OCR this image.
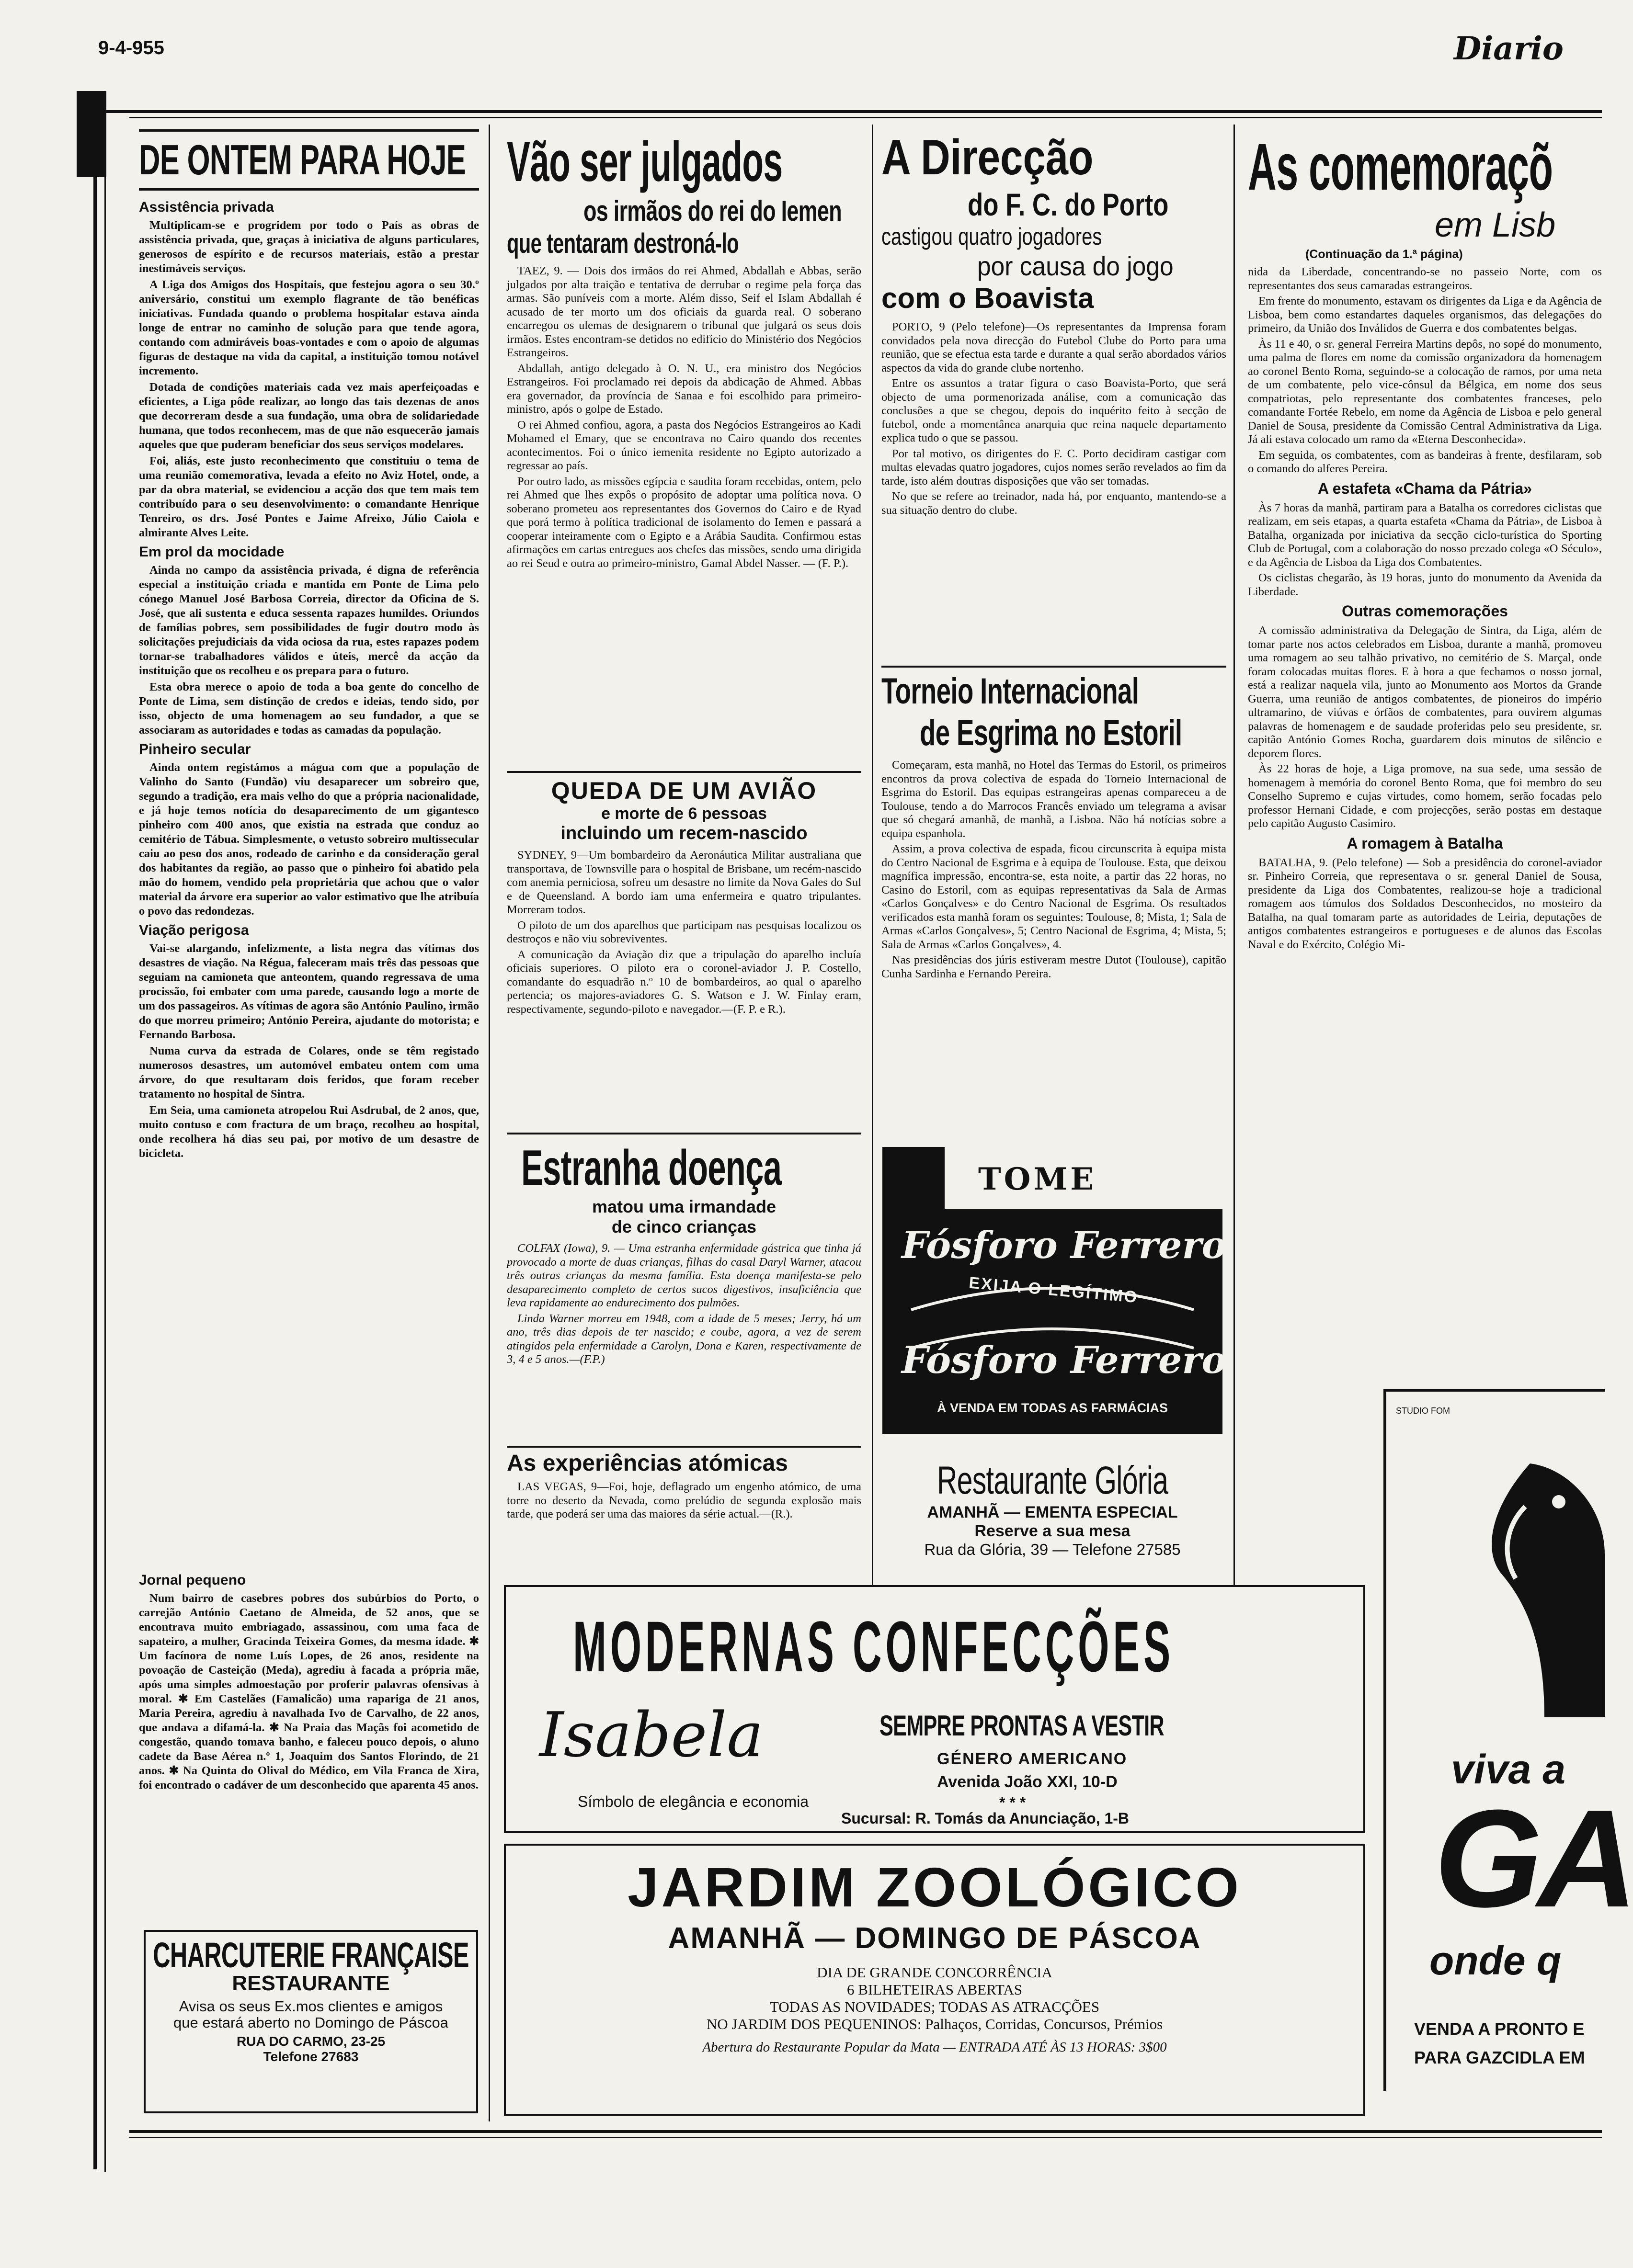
9-4-955	Diario
DE ONTEM PARA HOJE
Assistência privada

Multiplicam-se e progridem por todo o País as obras de assistência privada, que, graças à iniciativa de alguns particulares, generosos de espírito e de recursos materiais, estão a prestar inestimáveis serviços.

A Liga dos Amigos dos Hospitais, que festejou agora o seu 30.º aniversário, constitui um exemplo flagrante de tão benéficas iniciativas. Fundada quando o problema hospitalar estava ainda longe de entrar no caminho de solução para que tende agora, contando com admiráveis boas-vontades e com o apoio de algumas figuras de destaque na vida da capital, a instituição tomou notável incremento.

Dotada de condições materiais cada vez mais aperfeiçoadas e eficientes, a Liga pôde realizar, ao longo das tais dezenas de anos que decorreram desde a sua fundação, uma obra de solidariedade humana, que todos reconhecem, mas de que não esquecerão jamais aqueles que que puderam beneficiar dos seus serviços modelares.

Foi, aliás, este justo reconhecimento que constituiu o tema de uma reunião comemorativa, levada a efeito no Aviz Hotel, onde, a par da obra material, se evidenciou a acção dos que tem mais tem contribuído para o seu desenvolvimento: o comandante Henrique Tenreiro, os drs. José Pontes e Jaime Afreixo, Júlio Caiola e almirante Alves Leite.

Em prol da mocidade

Ainda no campo da assistência privada, é digna de referência especial a instituição criada e mantida em Ponte de Lima pelo cónego Manuel José Barbosa Correia, director da Oficina de S. José, que ali sustenta e educa sessenta rapazes humildes. Oriundos de famílias pobres, sem possibilidades de fugir doutro modo às solicitações prejudiciais da vida ociosa da rua, estes rapazes podem tornar-se trabalhadores válidos e úteis, mercê da acção da instituição que os recolheu e os prepara para o futuro.

Esta obra merece o apoio de toda a boa gente do concelho de Ponte de Lima, sem distinção de credos e ideias, tendo sido, por isso, objecto de uma homenagem ao seu fundador, a que se associaram as autoridades e todas as camadas da população.

Pinheiro secular

Ainda ontem registámos a mágua com que a população de Valinho do Santo (Fundão) viu desaparecer um sobreiro que, segundo a tradição, era mais velho do que a própria nacionalidade, e já hoje temos notícia do desaparecimento de um gigantesco pinheiro com 400 anos, que existia na estrada que conduz ao cemitério de Tábua. Simplesmente, o vetusto sobreiro multissecular caiu ao peso dos anos, rodeado de carinho e da consideração geral dos habitantes da região, ao passo que o pinheiro foi abatido pela mão do homem, vendido pela proprietária que achou que o valor material da árvore era superior ao valor estimativo que lhe atribuía o povo das redondezas.

Viação perigosa

Vai-se alargando, infelizmente, a lista negra das vítimas dos desastres de viação. Na Régua, faleceram mais três das pessoas que seguiam na camioneta que anteontem, quando regressava de uma procissão, foi embater com uma parede, causando logo a morte de um dos passageiros. As vítimas de agora são António Paulino, irmão do que morreu primeiro; António Pereira, ajudante do motorista; e Fernando Barbosa.

Numa curva da estrada de Colares, onde se têm registado numerosos desastres, um automóvel embateu ontem com uma árvore, do que resultaram dois feridos, que foram receber tratamento no hospital de Sintra.

Em Seia, uma camioneta atropelou Rui Asdrubal, de 2 anos, que, muito contuso e com fractura de um braço, recolheu ao hospital, onde recolhera há dias seu pai, por motivo de um desastre de bicicleta.

Jornal pequeno

Num bairro de casebres pobres dos subúrbios do Porto, o carrejão António Caetano de Almeida, de 52 anos, que se encontrava muito embriagado, assassinou, com uma faca de sapateiro, a mulher, Gracinda Teixeira Gomes, da mesma idade. ✱ Um facínora de nome Luís Lopes, de 26 anos, residente na povoação de Casteição (Meda), agrediu à facada a própria mãe, após uma simples admoestação por proferir palavras ofensivas à moral. ✱ Em Castelães (Famalicão) uma rapariga de 21 anos, Maria Pereira, agrediu à navalhada Ivo de Carvalho, de 22 anos, que andava a difamá-la. ✱ Na Praia das Maçãs foi acometido de congestão, quando tomava banho, e faleceu pouco depois, o aluno cadete da Base Aérea n.º 1, Joaquim dos Santos Florindo, de 21 anos. ✱ Na Quinta do Olival do Médico, em Vila Franca de Xira, foi encontrado o cadáver de um desconhecido que aparenta 45 anos.

CHARCUTERIE FRANÇAISE
RESTAURANTE
Avisa os seus Ex.mos clientes e amigos que estará aberto no Domingo de Páscoa
RUA DO CARMO, 23-25
Telefone 27683
Vão ser julgados
os irmãos do rei do Iemen
que tentaram destroná-lo

TAEZ, 9. — Dois dos irmãos do rei Ahmed, Abdallah e Abbas, serão julgados por alta traição e tentativa de derrubar o regime pela força das armas. São puníveis com a morte. Além disso, Seif el Islam Abdallah é acusado de ter morto um dos oficiais da guarda real. O soberano encarregou os ulemas de designarem o tribunal que julgará os seus dois irmãos. Estes encontram-se detidos no edifício do Ministério dos Negócios Estrangeiros.

Abdallah, antigo delegado à O. N. U., era ministro dos Negócios Estrangeiros. Foi proclamado rei depois da abdicação de Ahmed. Abbas era governador, da província de Sanaa e foi escolhido para primeiro-ministro, após o golpe de Estado.

O rei Ahmed confiou, agora, a pasta dos Negócios Estrangeiros ao Kadi Mohamed el Emary, que se encontrava no Cairo quando dos recentes acontecimentos. Foi o único iemenita residente no Egipto autorizado a regressar ao país.

Por outro lado, as missões egípcia e saudita foram recebidas, ontem, pelo rei Ahmed que lhes expôs o propósito de adoptar uma política nova. O soberano prometeu aos representantes dos Governos do Cairo e de Ryad que porá termo à política tradicional de isolamento do Iemen e passará a cooperar inteiramente com o Egipto e a Arábia Saudita. Confirmou estas afirmações em cartas entregues aos chefes das missões, sendo uma dirigida ao rei Seud e outra ao primeiro-ministro, Gamal Abdel Nasser. — (F. P.).

QUEDA DE UM AVIÃO
e morte de 6 pessoas
incluindo um recem-nascido

SYDNEY, 9—Um bombardeiro da Aeronáutica Militar australiana que transportava, de Townsville para o hospital de Brisbane, um recém-nascido com anemia perniciosa, sofreu um desastre no limite da Nova Gales do Sul e de Queensland. A bordo iam uma enfermeira e quatro tripulantes. Morreram todos.

O piloto de um dos aparelhos que participam nas pesquisas localizou os destroços e não viu sobreviventes.

A comunicação da Aviação diz que a tripulação do aparelho incluía oficiais superiores. O piloto era o coronel-aviador J. P. Costello, comandante do esquadrão n.º 10 de bombardeiros, ao qual o aparelho pertencia; os majores-aviadores G. S. Watson e J. W. Finlay eram, respectivamente, segundo-piloto e navegador.—(F. P. e R.).

Estranha doença
matou uma irmandade
de cinco crianças

COLFAX (Iowa), 9. — Uma estranha enfermidade gástrica que tinha já provocado a morte de duas crianças, filhas do casal Daryl Warner, atacou três outras crianças da mesma família. Esta doença manifesta-se pelo desaparecimento completo de certos sucos digestivos, insuficiência que leva rapidamente ao endurecimento dos pulmões.

Linda Warner morreu em 1948, com a idade de 5 meses; Jerry, há um ano, três dias depois de ter nascido; e coube, agora, a vez de serem atingidos pela enfermidade a Carolyn, Dona e Karen, respectivamente de 3, 4 e 5 anos.—(F.P.)

As experiências atómicas

LAS VEGAS, 9—Foi, hoje, deflagrado um engenho atómico, de uma torre no deserto da Nevada, como prelúdio de segunda explosão mais tarde, que poderá ser uma das maiores da série actual.—(R.).

A Direcção
do F. C. do Porto
castigou quatro jogadores
por causa do jogo
com o Boavista

PORTO, 9 (Pelo telefone)—Os representantes da Imprensa foram convidados pela nova direcção do Futebol Clube do Porto para uma reunião, que se efectua esta tarde e durante a qual serão abordados vários aspectos da vida do grande clube nortenho.

Entre os assuntos a tratar figura o caso Boavista-Porto, que será objecto de uma pormenorizada análise, com a comunicação das conclusões a que se chegou, depois do inquérito feito à secção de futebol, onde a momentânea anarquia que reina naquele departamento explica tudo o que se passou.

Por tal motivo, os dirigentes do F. C. Porto decidiram castigar com multas elevadas quatro jogadores, cujos nomes serão revelados ao fim da tarde, isto além doutras disposições que vão ser tomadas.

No que se refere ao treinador, nada há, por enquanto, mantendo-se a sua situação dentro do clube.

Torneio Internacional
de Esgrima no Estoril

Começaram, esta manhã, no Hotel das Termas do Estoril, os primeiros encontros da prova colectiva de espada do Torneio Internacional de Esgrima do Estoril. Das equipas estrangeiras apenas compareceu a de Toulouse, tendo a do Marrocos Francês enviado um telegrama a avisar que só chegará amanhã, de manhã, a Lisboa. Não há notícias sobre a equipa espanhola.

Assim, a prova colectiva de espada, ficou circunscrita à equipa mista do Centro Nacional de Esgrima e à equipa de Toulouse. Esta, que deixou magnífica impressão, encontra-se, esta noite, a partir das 22 horas, no Casino do Estoril, com as equipas representativas da Sala de Armas «Carlos Gonçalves» e do Centro Nacional de Esgrima. Os resultados verificados esta manhã foram os seguintes: Toulouse, 8; Mista, 1; Sala de Armas «Carlos Gonçalves», 5; Centro Nacional de Esgrima, 4; Mista, 5; Sala de Armas «Carlos Gonçalves», 4.

Nas presidências dos júris estiveram mestre Dutot (Toulouse), capitão Cunha Sardinha e Fernando Pereira.

TOME
Fósforo Ferrero
EXIJA O LEGÍTIMO
Fósforo Ferrero
À VENDA EM TODAS AS FARMÁCIAS
Restaurante Glória
AMANHÃ — EMENTA ESPECIAL
Reserve a sua mesa
Rua da Glória, 39 — Telefone 27585
As comemoraçõ
em Lisb
(Continuação da 1.ª página)

nida da Liberdade, concentrando-se no passeio Norte, com os representantes dos seus camaradas estrangeiros.

Em frente do monumento, estavam os dirigentes da Liga e da Agência de Lisboa, bem como estandartes daqueles organismos, das delegações do primeiro, da União dos Inválidos de Guerra e dos combatentes belgas.

Às 11 e 40, o sr. general Ferreira Martins depôs, no sopé do monumento, uma palma de flores em nome da comissão organizadora da homenagem ao coronel Bento Roma, seguindo-se a colocação de ramos, por uma neta de um combatente, pelo vice-cônsul da Bélgica, em nome dos seus compatriotas, pelo representante dos combatentes franceses, pelo comandante Fortée Rebelo, em nome da Agência de Lisboa e pelo general Daniel de Sousa, presidente da Comissão Central Administrativa da Liga. Já ali estava colocado um ramo da «Eterna Desconhecida».

Em seguida, os combatentes, com as bandeiras à frente, desfilaram, sob o comando do alferes Pereira.

A estafeta «Chama da Pátria»

Às 7 horas da manhã, partiram para a Batalha os corredores ciclistas que realizam, em seis etapas, a quarta estafeta «Chama da Pátria», de Lisboa à Batalha, organizada por iniciativa da secção ciclo-turística do Sporting Club de Portugal, com a colaboração do nosso prezado colega «O Século», e da Agência de Lisboa da Liga dos Combatentes.

Os ciclistas chegarão, às 19 horas, junto do monumento da Avenida da Liberdade.

Outras comemorações

A comissão administrativa da Delegação de Sintra, da Liga, além de tomar parte nos actos celebrados em Lisboa, durante a manhã, promoveu uma romagem ao seu talhão privativo, no cemitério de S. Marçal, onde foram colocadas muitas flores. E à hora a que fechamos o nosso jornal, está a realizar naquela vila, junto ao Monumento aos Mortos da Grande Guerra, uma reunião de antigos combatentes, de pioneiros do império ultramarino, de viúvas e órfãos de combatentes, para ouvirem algumas palavras de homenagem e de saudade proferidas pelo seu presidente, sr. capitão António Gomes Rocha, guardarem dois minutos de silêncio e deporem flores.

Às 22 horas de hoje, a Liga promove, na sua sede, uma sessão de homenagem à memória do coronel Bento Roma, que foi membro do seu Conselho Supremo e cujas virtudes, como homem, serão focadas pelo professor Hernani Cidade, e com projecções, serão postas em destaque pelo capitão Augusto Casimiro.

A romagem à Batalha

BATALHA, 9. (Pelo telefone) — Sob a presidência do coronel-aviador sr. Pinheiro Correia, que representava o sr. general Daniel de Sousa, presidente da Liga dos Combatentes, realizou-se hoje a tradicional romagem aos túmulos dos Soldados Desconhecidos, no mosteiro da Batalha, na qual tomaram parte as autoridades de Leiria, deputações de antigos combatentes estrangeiros e portugueses e de alunos das Escolas Naval e do Exército, Colégio Mi-

STUDIO FOM
viva a
GA
onde q
VENDA A PRONTO E
PARA GAZCIDLA EM
MODERNAS CONFECÇÕES
Isabela
Símbolo de elegância e economia
SEMPRE PRONTAS A VESTIR
GÉNERO AMERICANO
Avenida João XXI, 10-D
* * *
Sucursal: R. Tomás da Anunciação, 1-B
JARDIM ZOOLÓGICO
AMANHÃ — DOMINGO DE PÁSCOA
DIA DE GRANDE CONCORRÊNCIA
6 BILHETEIRAS ABERTAS
TODAS AS NOVIDADES; TODAS AS ATRACÇÕES
NO JARDIM DOS PEQUENINOS: Palhaços, Corridas, Concursos, Prémios
Abertura do Restaurante Popular da Mata — ENTRADA ATÉ ÀS 13 HORAS: 3$00
